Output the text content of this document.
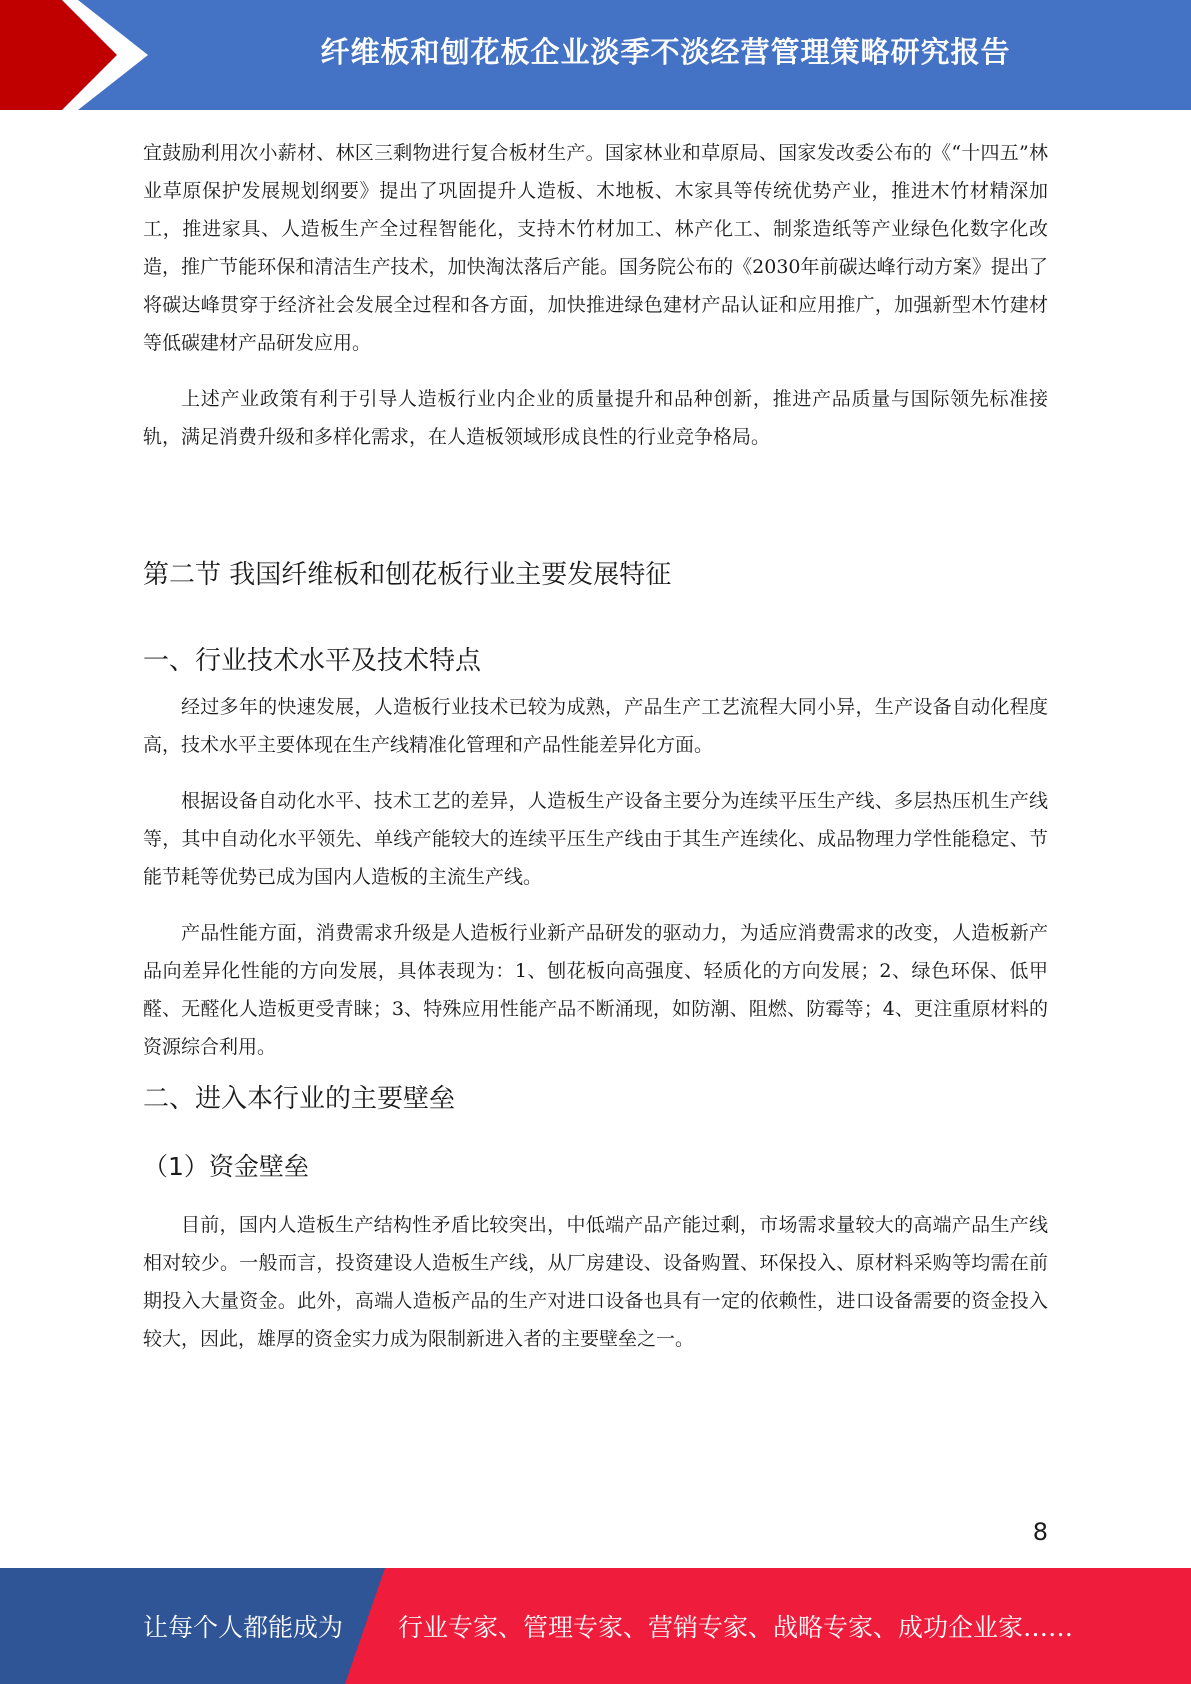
纤维板和刨花板企业淡季不淡经营管理策略研究报告

宜鼓励利用次小薪材、林区三剩物进行复合板材生产。国家林业和草原局、国家发改委公布的《“十四五”林业草原保护发展规划纲要》提出了巩固提升人造板、木地板、木家具等传统优势产业，推进木竹材精深加工，推进家具、人造板生产全过程智能化，支持木竹材加工、林产化工、制浆造纸等产业绿色化数字化改造，推广节能环保和清洁生产技术，加快淘汰落后产能。国务院公布的《2030年前碳达峰行动方案》提出了将碳达峰贯穿于经济社会发展全过程和各方面，加快推进绿色建材产品认证和应用推广，加强新型木竹建材等低碳建材产品研发应用。

上述产业政策有利于引导人造板行业内企业的质量提升和品种创新，推进产品质量与国际领先标准接轨，满足消费升级和多样化需求，在人造板领域形成良性的行业竞争格局。

第二节 我国纤维板和刨花板行业主要发展特征
一、行业技术水平及技术特点

经过多年的快速发展，人造板行业技术已较为成熟，产品生产工艺流程大同小异，生产设备自动化程度高，技术水平主要体现在生产线精准化管理和产品性能差异化方面。

根据设备自动化水平、技术工艺的差异，人造板生产设备主要分为连续平压生产线、多层热压机生产线等，其中自动化水平领先、单线产能较大的连续平压生产线由于其生产连续化、成品物理力学性能稳定、节能节耗等优势已成为国内人造板的主流生产线。

产品性能方面，消费需求升级是人造板行业新产品研发的驱动力，为适应消费需求的改变，人造板新产品向差异化性能的方向发展，具体表现为：1、刨花板向高强度、轻质化的方向发展；2、绿色环保、低甲醛、无醛化人造板更受青睐；3、特殊应用性能产品不断涌现，如防潮、阻燃、防霉等；4、更注重原材料的资源综合利用。

二、进入本行业的主要壁垒
（1）资金壁垒

目前，国内人造板生产结构性矛盾比较突出，中低端产品产能过剩，市场需求量较大的高端产品生产线相对较少。一般而言，投资建设人造板生产线，从厂房建设、设备购置、环保投入、原材料采购等均需在前期投入大量资金。此外，高端人造板产品的生产对进口设备也具有一定的依赖性，进口设备需要的资金投入较大，因此，雄厚的资金实力成为限制新进入者的主要壁垒之一。

8
让每个人都能成为 行业专家、管理专家、营销专家、战略专家、成功企业家……
